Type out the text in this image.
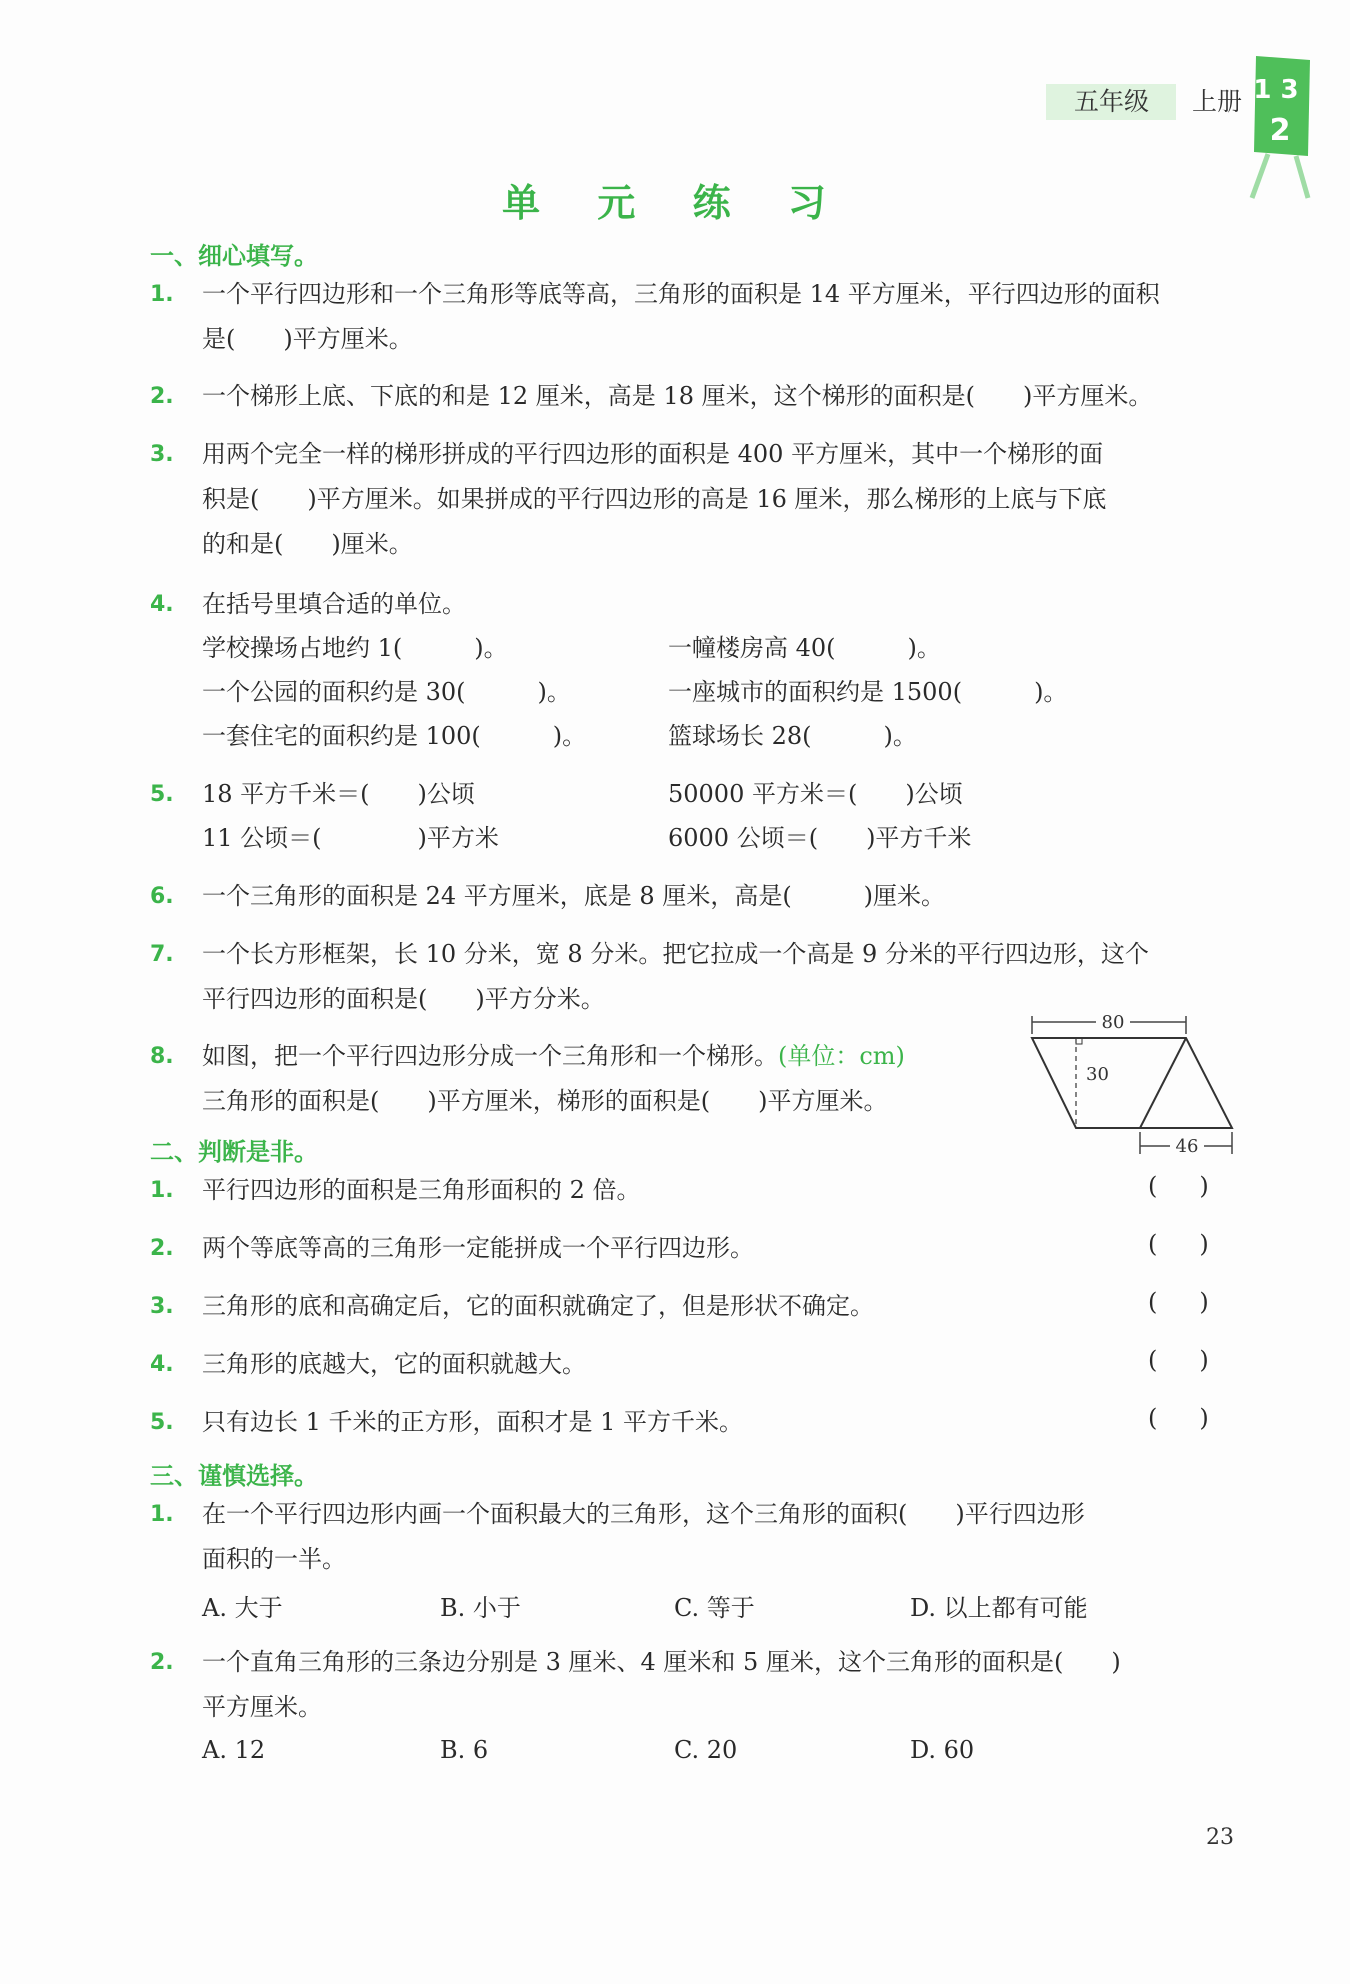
五年级 上册 1 3
2
单 元 练 习
一、细心填写。
1.	一个平行四边形和一个三角形等底等高，三角形的面积是 14 平方厘米，平行四边形的面积
是(　　)平方厘米。
2.	一个梯形上底、下底的和是 12 厘米，高是 18 厘米，这个梯形的面积是(　　)平方厘米。
3.	用两个完全一样的梯形拼成的平行四边形的面积是 400 平方厘米，其中一个梯形的面
积是(　　)平方厘米。如果拼成的平行四边形的高是 16 厘米，那么梯形的上底与下底
的和是(　　)厘米。
4.	在括号里填合适的单位。
学校操场占地约 1(　　　)。	一幢楼房高 40(　　　)。
一个公园的面积约是 30(　　　)。	一座城市的面积约是 1500(　　　)。
一套住宅的面积约是 100(　　　)。	篮球场长 28(　　　)。
5.	18 平方千米＝(　　)公顷	50000 平方米＝(　　)公顷
11 公顷＝(　　　　)平方米	6000 公顷＝(　　)平方千米
6.	一个三角形的面积是 24 平方厘米，底是 8 厘米，高是(　　　)厘米。
7.	一个长方形框架，长 10 分米，宽 8 分米。把它拉成一个高是 9 分米的平行四边形，这个
平行四边形的面积是(　　)平方分米。
8.	如图，把一个平行四边形分成一个三角形和一个梯形。(单位：cm)
三角形的面积是(　　)平方厘米，梯形的面积是(　　)平方厘米。
80
30
46
二、判断是非。
1.	平行四边形的面积是三角形面积的 2 倍。	()
2.	两个等底等高的三角形一定能拼成一个平行四边形。	()
3.	三角形的底和高确定后，它的面积就确定了，但是形状不确定。	()
4.	三角形的底越大，它的面积就越大。	()
5.	只有边长 1 千米的正方形，面积才是 1 平方千米。	()
三、谨慎选择。
1.	在一个平行四边形内画一个面积最大的三角形，这个三角形的面积(　　)平行四边形
面积的一半。
A. 大于	B. 小于	C. 等于	D. 以上都有可能
2.	一个直角三角形的三条边分别是 3 厘米、4 厘米和 5 厘米，这个三角形的面积是(　　)
平方厘米。
A. 12	B. 6	C. 20	D. 60
23
